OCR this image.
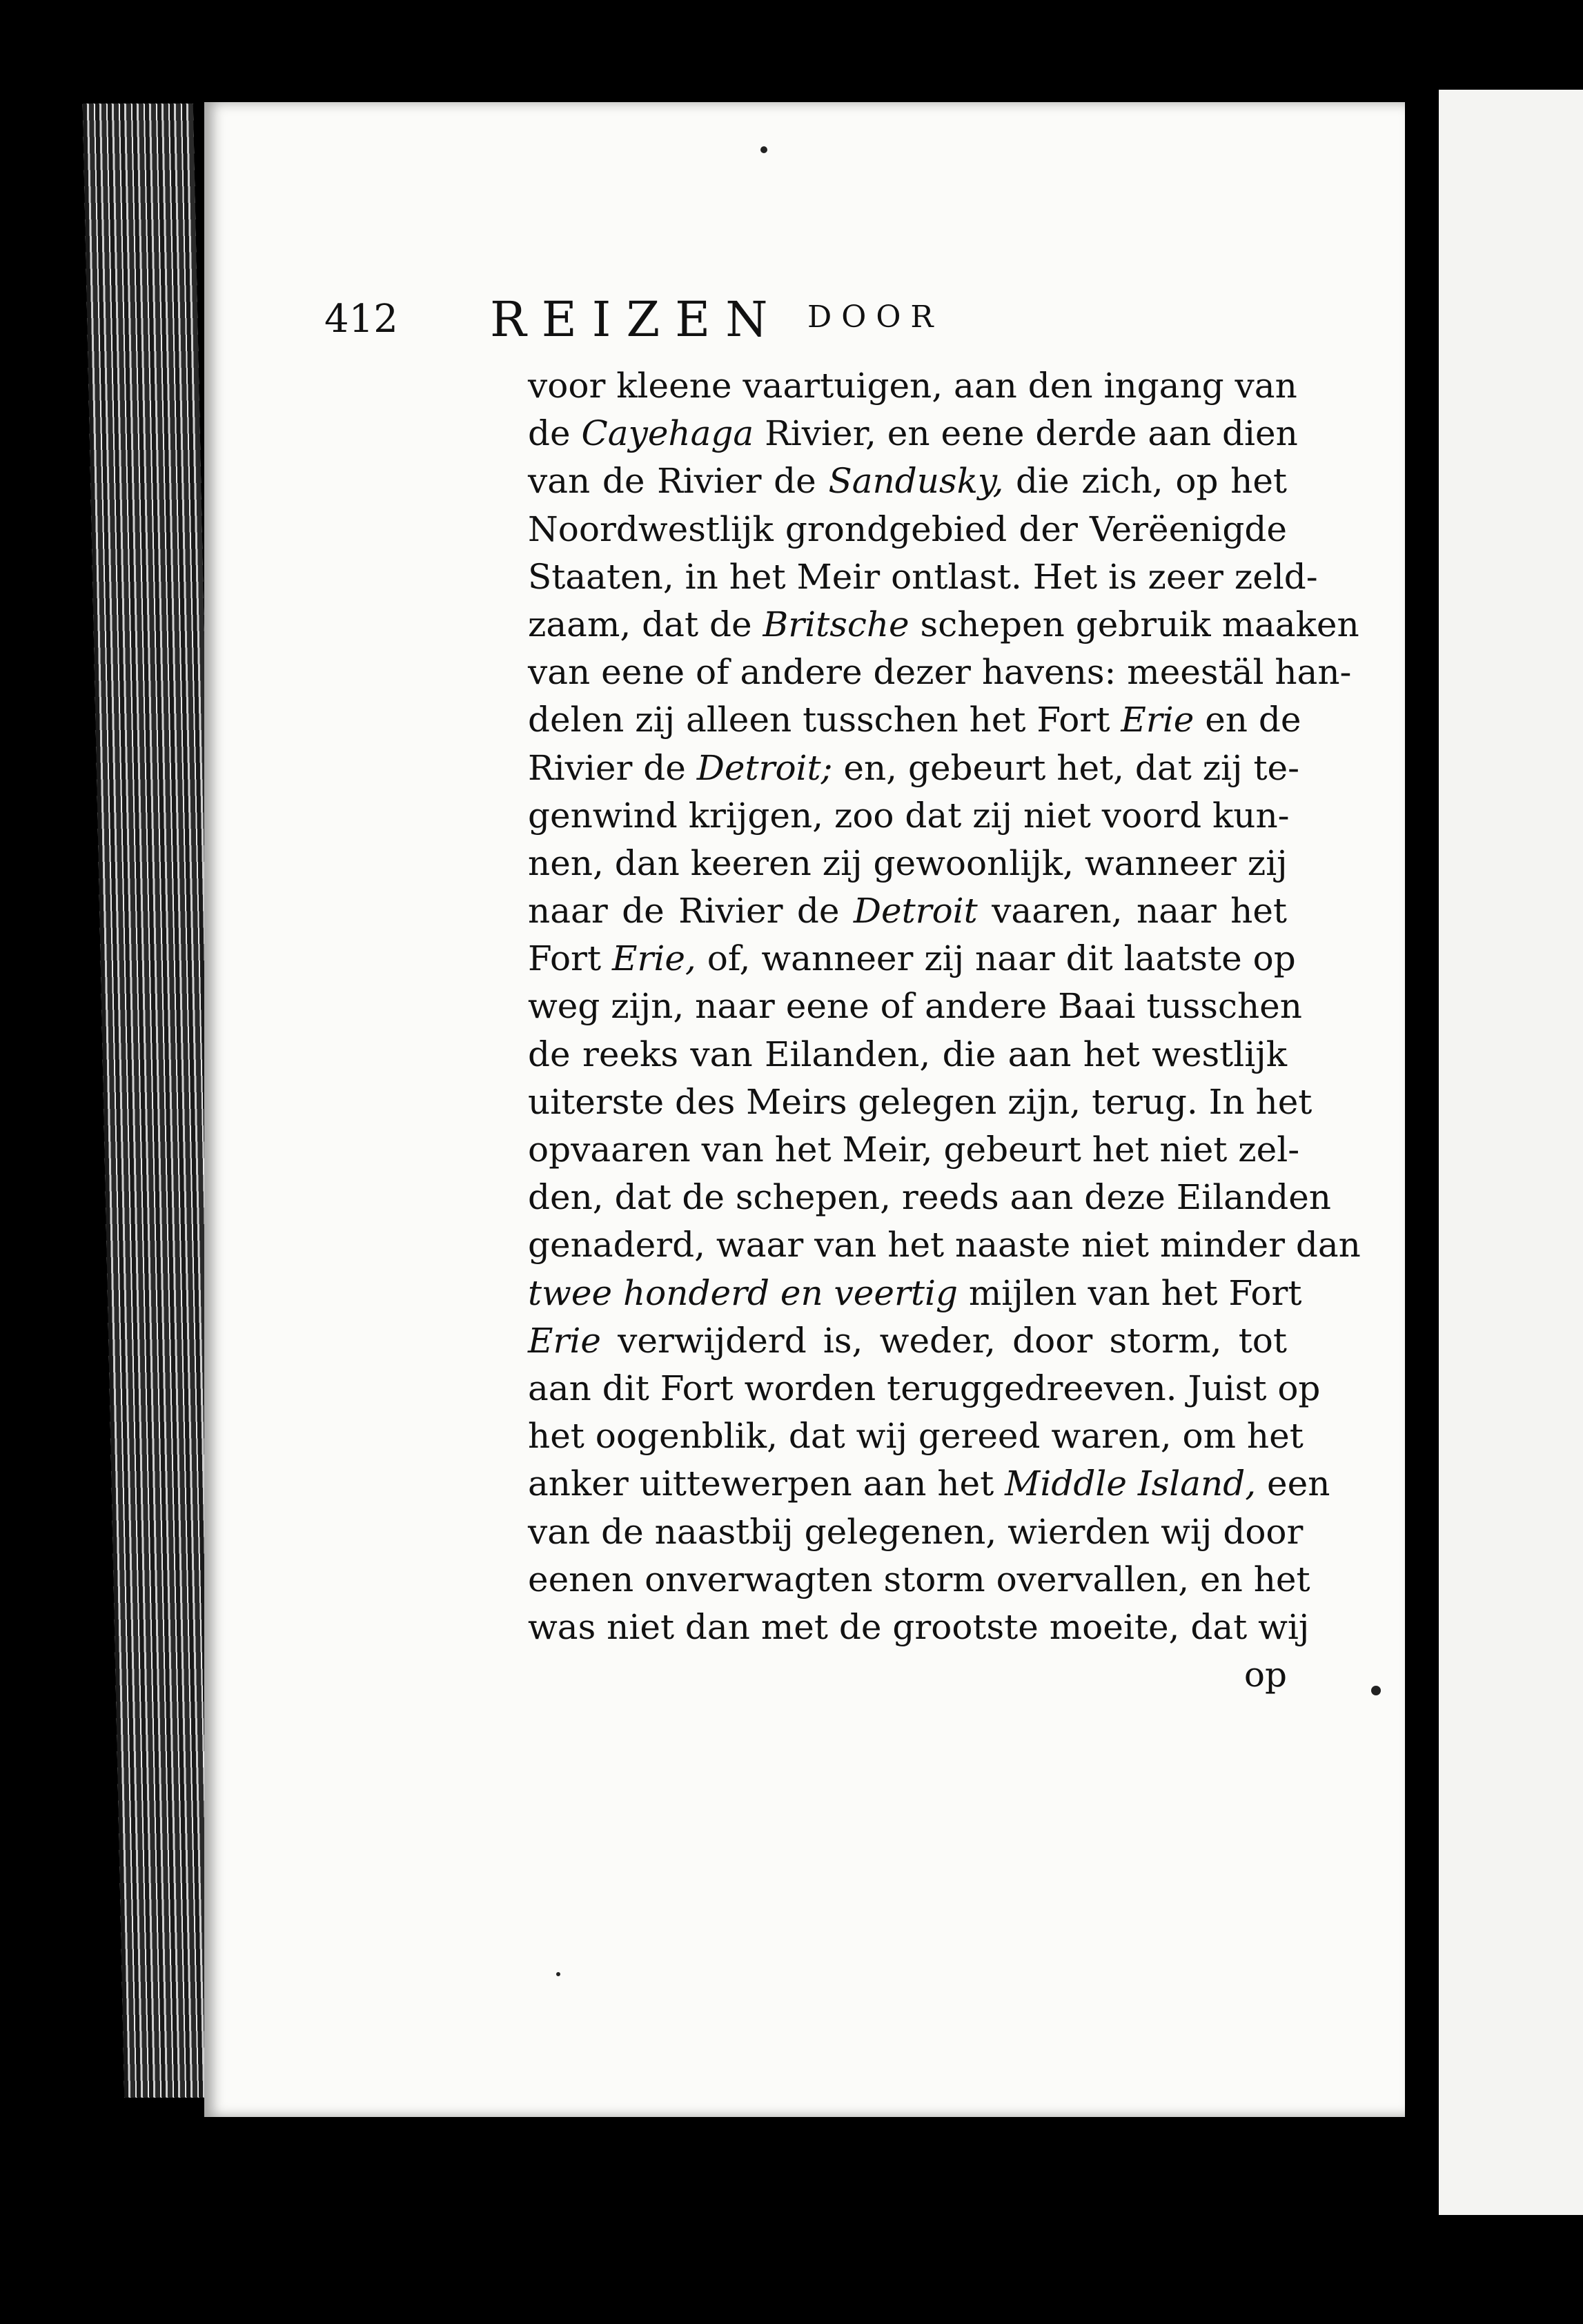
412 REIZEN DOOR
voor kleene vaartuigen, aan den ingang van
de Cayehaga Rivier, en eene derde aan dien
van de Rivier de Sandusky, die zich, op het
Noordwestlijk grondgebied der Verëenigde
Staaten, in het Meir ontlast. Het is zeer zeld-
zaam, dat de Britsche schepen gebruik maaken
van eene of andere dezer havens: meestäl han-
delen zij alleen tusschen het Fort Erie en de
Rivier de Detroit; en, gebeurt het, dat zij te-
genwind krijgen, zoo dat zij niet voord kun-
nen, dan keeren zij gewoonlijk, wanneer zij
naar de Rivier de Detroit vaaren, naar het
Fort Erie, of, wanneer zij naar dit laatste op
weg zijn, naar eene of andere Baai tusschen
de reeks van Eilanden, die aan het westlijk
uiterste des Meirs gelegen zijn, terug. In het
opvaaren van het Meir, gebeurt het niet zel-
den, dat de schepen, reeds aan deze Eilanden
genaderd, waar van het naaste niet minder dan
twee honderd en veertig mijlen van het Fort
Erie verwijderd is, weder, door storm, tot
aan dit Fort worden teruggedreeven. Juist op
het oogenblik, dat wij gereed waren, om het
anker uittewerpen aan het Middle Island, een
van de naastbij gelegenen, wierden wij door
eenen onverwagten storm overvallen, en het
was niet dan met de grootste moeite, dat wij
op
